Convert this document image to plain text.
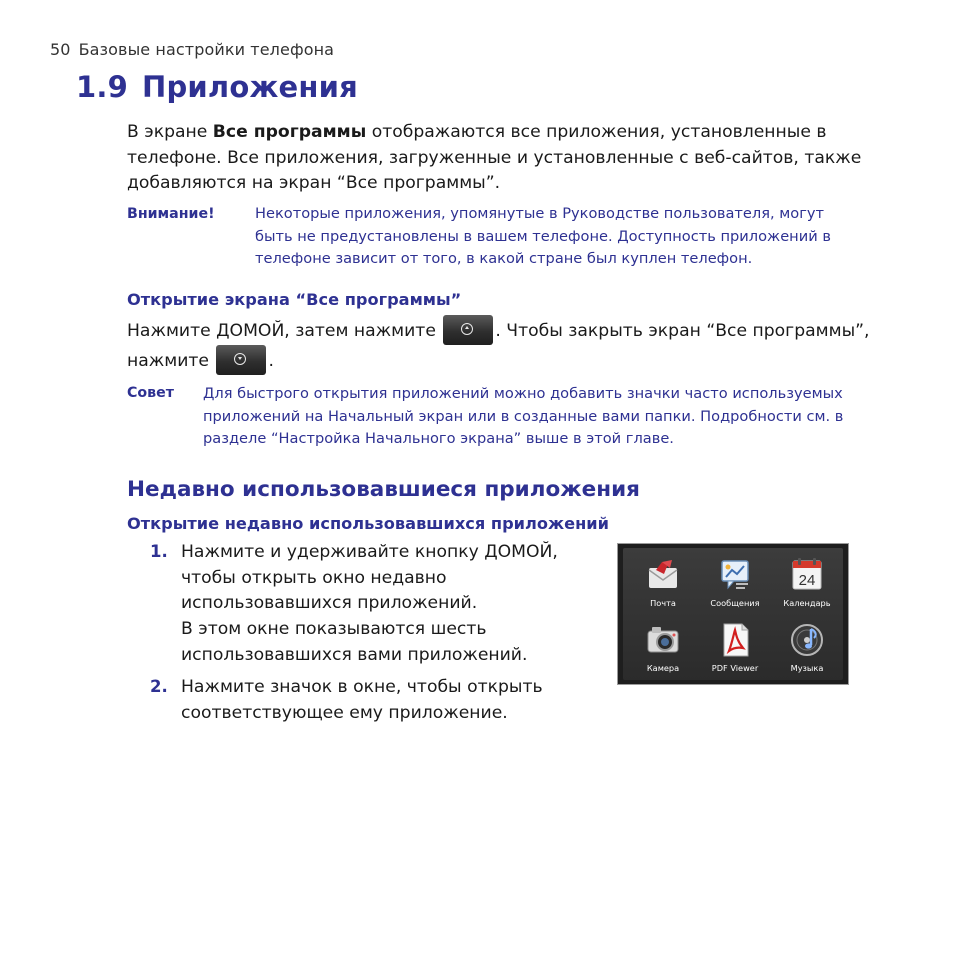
50 Базовые настройки телефона
1.9 Приложения
В экране Все программы отображаются все приложения, установленные в телефоне. Все приложения, загруженные и установленные с веб-сайтов, также добавляются на экран “Все программы”.
Внимание!	Некоторые приложения, упомянутые в Руководстве пользователя, могут быть не предустановлены в вашем телефоне. Доступность приложений в телефоне зависит от того, в какой стране был куплен телефон.
Открытие экрана “Все программы”
Нажмите ДОМОЙ, затем нажмите	. Чтобы закрыть экран “Все программы”,
нажмите	.
Совет Для быстрого открытия приложений можно добавить значки часто используемых приложений на Начальный экран или в созданные вами папки. Подробности см. в разделе “Настройка Начального экрана” выше в этой главе.
Недавно использовавшиеся приложения
Открытие недавно использовавшихся приложений
1. Нажмите и удерживайте кнопку ДОМОЙ, чтобы открыть окно недавно использовавшихся приложений.
В этом окне показываются шесть использовавшихся вами приложений.
2. Нажмите значок в окне, чтобы открыть соответствующее ему приложение.
Почта	Сообщения
24
Календарь
Камера	PDF Viewer	Музыка
